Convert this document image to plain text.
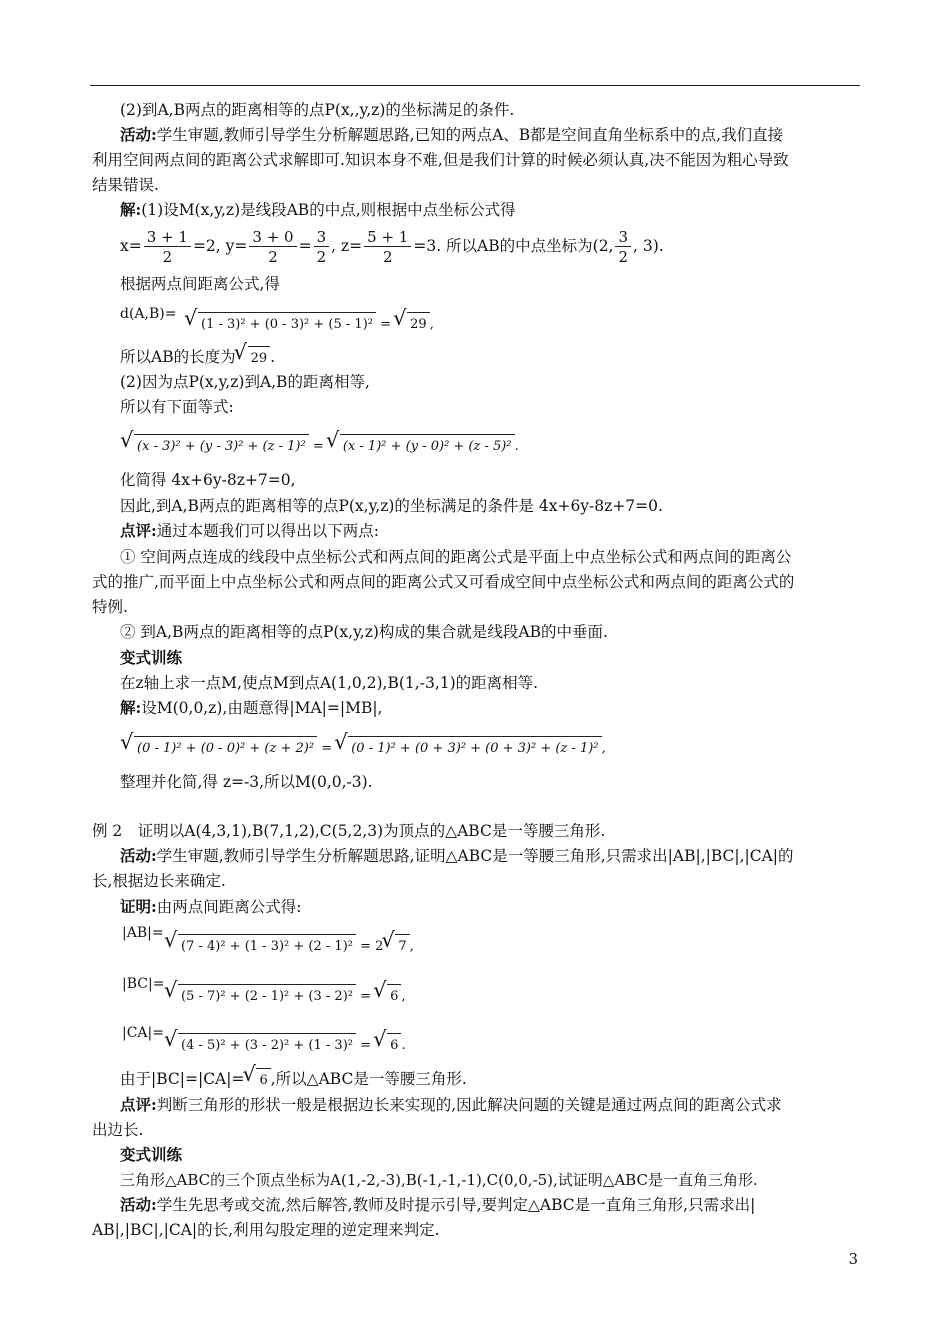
(2)到A,B两点的距离相等的点P(x,,y,z)的坐标满足的条件.
活动:学生审题,教师引导学生分析解题思路,已知的两点A、B都是空间直角坐标系中的点,我们直接
利用空间两点间的距离公式求解即可.知识本身不难,但是我们计算的时候必须认真,决不能因为粗心导致
结果错误.
解:(1)设M(x,y,z)是线段AB的中点,则根据中点坐标公式得
$x= \frac{3 + 1}{2} =2$, $y= \frac{3 + 0}{2} = \frac{3}{2}$ , $z= \frac{5 + 1}{2} =3$. 所以AB的中点坐标为(2, $\frac{3}{2}$ , 3).
根据两点间距离公式,得
d(A,B)=
√ (1 - 3)² + (0 - 3)² + (5 - 1)² = √ 29 ,
所以AB的长度为 √ 29 .
(2)因为点P(x,y,z)到A,B的距离相等,
所以有下面等式:
√ (x - 3)² + (y - 3)² + (z - 1)² = √ (x - 1)² + (y - 0)² + (z - 5)² .
化简得 4x+6y-8z+7=0,
因此,到A,B两点的距离相等的点P(x,y,z)的坐标满足的条件是 4x+6y-8z+7=0.
点评:通过本题我们可以得出以下两点:
① 空间两点连成的线段中点坐标公式和两点间的距离公式是平面上中点坐标公式和两点间的距离公
式的推广,而平面上中点坐标公式和两点间的距离公式又可看成空间中点坐标公式和两点间的距离公式的
特例.
② 到A,B两点的距离相等的点P(x,y,z)构成的集合就是线段AB的中垂面.
变式训练
在z轴上求一点M,使点M到点A(1,0,2),B(1,-3,1)的距离相等.
解:设M(0,0,z),由题意得|MA|=|MB|,
√ (0 - 1)² + (0 - 0)² + (z + 2)² = √ (0 - 1)² + (0 + 3)² + (0 + 3)² + (z - 1)² ,
整理并化简,得 z=-3,所以M(0,0,-3).
例 2　证明以A(4,3,1),B(7,1,2),C(5,2,3)为顶点的△ABC是一等腰三角形.
活动:学生审题,教师引导学生分析解题思路,证明△ABC是一等腰三角形,只需求出|AB|,|BC|,|CA|的
长,根据边长来确定.
证明:由两点间距离公式得:
|AB|=
√ (7 - 4)² + (1 - 3)² + (2 - 1)² = 2 √ 7 ,
|BC|=
√ (5 - 7)² + (2 - 1)² + (3 - 2)² = √ 6 ,
|CA|=
√ (4 - 5)² + (3 - 2)² + (1 - 3)² = √ 6 .
由于|BC|=|CA|= √ 6 ,所以△ABC是一等腰三角形.
点评:判断三角形的形状一般是根据边长来实现的,因此解决问题的关键是通过两点间的距离公式求
出边长.
变式训练
三角形△ABC的三个顶点坐标为A(1,-2,-3),B(-1,-1,-1),C(0,0,-5),试证明△ABC是一直角三角形.
活动:学生先思考或交流,然后解答,教师及时提示引导,要判定△ABC是一直角三角形,只需求出|
AB|,|BC|,|CA|的长,利用勾股定理的逆定理来判定.
3
